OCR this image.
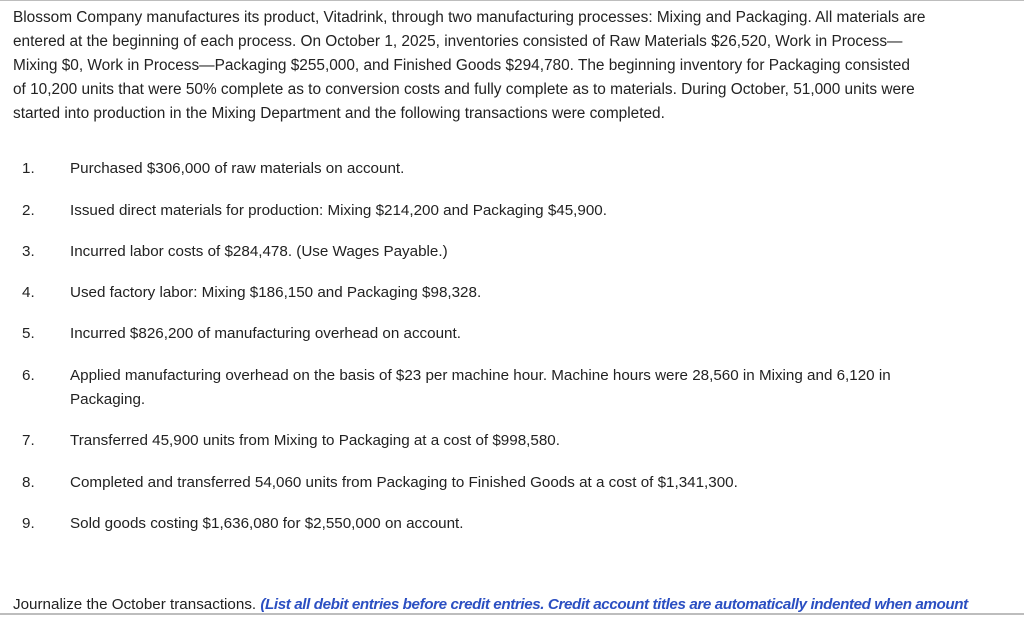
Blossom Company manufactures its product, Vitadrink, through two manufacturing processes: Mixing and Packaging. All materials are
entered at the beginning of each process. On October 1, 2025, inventories consisted of Raw Materials $26,520, Work in Process—
Mixing $0, Work in Process—Packaging $255,000, and Finished Goods $294,780. The beginning inventory for Packaging consisted
of 10,200 units that were 50% complete as to conversion costs and fully complete as to materials. During October, 51,000 units were
started into production in the Mixing Department and the following transactions were completed.
1.	Purchased $306,000 of raw materials on account.
2.	Issued direct materials for production: Mixing $214,200 and Packaging $45,900.
3.	Incurred labor costs of $284,478. (Use Wages Payable.)
4.	Used factory labor: Mixing $186,150 and Packaging $98,328.
5.	Incurred $826,200 of manufacturing overhead on account.
6.	Applied manufacturing overhead on the basis of $23 per machine hour. Machine hours were 28,560 in Mixing and 6,120 in
Packaging.
7.	Transferred 45,900 units from Mixing to Packaging at a cost of $998,580.
8.	Completed and transferred 54,060 units from Packaging to Finished Goods at a cost of $1,341,300.
9.	Sold goods costing $1,636,080 for $2,550,000 on account.
Journalize the October transactions. (List all debit entries before credit entries. Credit account titles are automatically indented when amount
